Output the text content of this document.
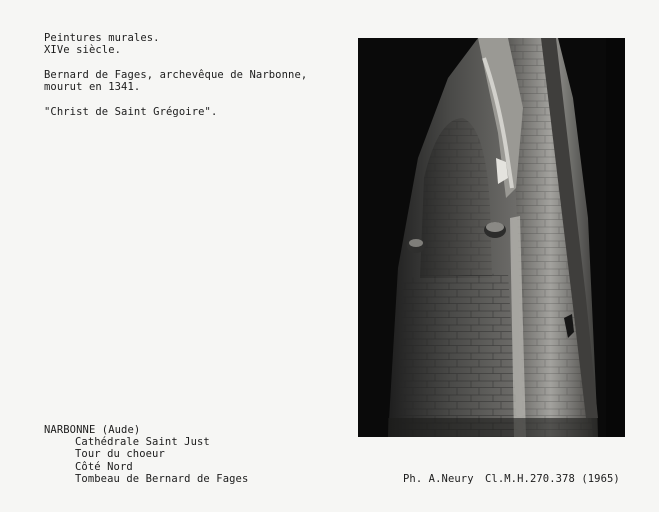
Peintures murales.
XIVe siècle.
Bernard de Fages, archevêque de Narbonne,
mourut en 1341.
"Christ de Saint Grégoire".
NARBONNE (Aude)
Cathédrale Saint Just
Tour du choeur
Côté Nord
Tombeau de Bernard de Fages	Ph. A.Neury Cl.M.H.270.378 (1965)
